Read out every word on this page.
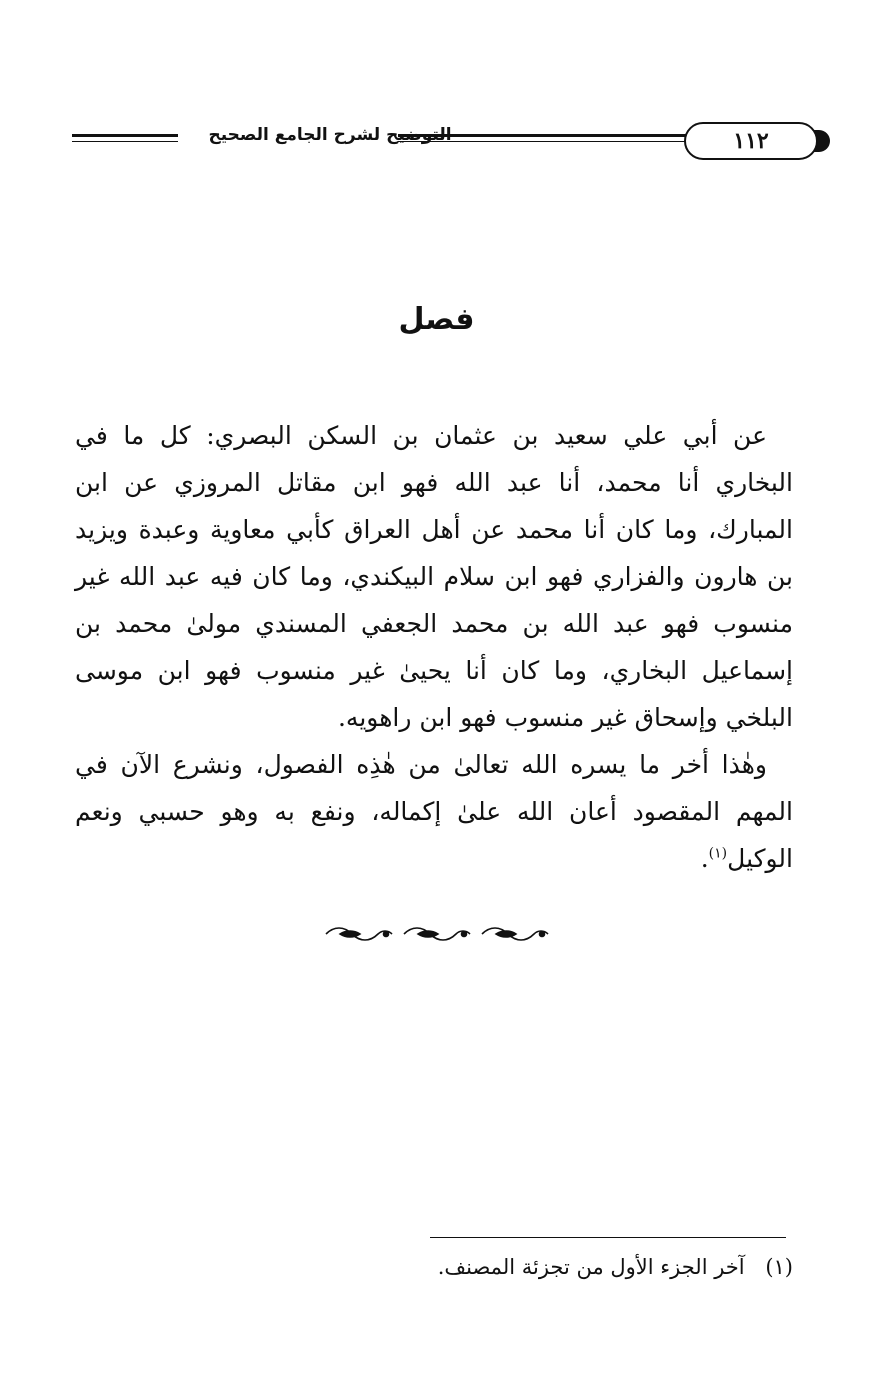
التوضيح لشرح الجامع الصحيح	١١٢
فصل

عن أبي علي سعيد بن عثمان بن السكن البصري: كل ما في البخاري أنا محمد، أنا عبد الله فهو ابن مقاتل المروزي عن ابن المبارك، وما كان أنا محمد عن أهل العراق كأبي معاوية وعبدة ويزيد بن هارون والفزاري فهو ابن سلام البيكندي، وما كان فيه عبد الله غير منسوب فهو عبد الله بن محمد الجعفي المسندي مولىٰ محمد بن إسماعيل البخاري، وما كان أنا يحيىٰ غير منسوب فهو ابن موسى البلخي وإسحاق غير منسوب فهو ابن راهويه.

وهٰذا أخر ما يسره الله تعالىٰ من هٰذِه الفصول، ونشرع الآن في المهم المقصود أعان الله علىٰ إكماله، ونفع به وهو حسبي ونعم الوكيل$^{(١)}$.

(١) آخر الجزء الأول من تجزئة المصنف.
